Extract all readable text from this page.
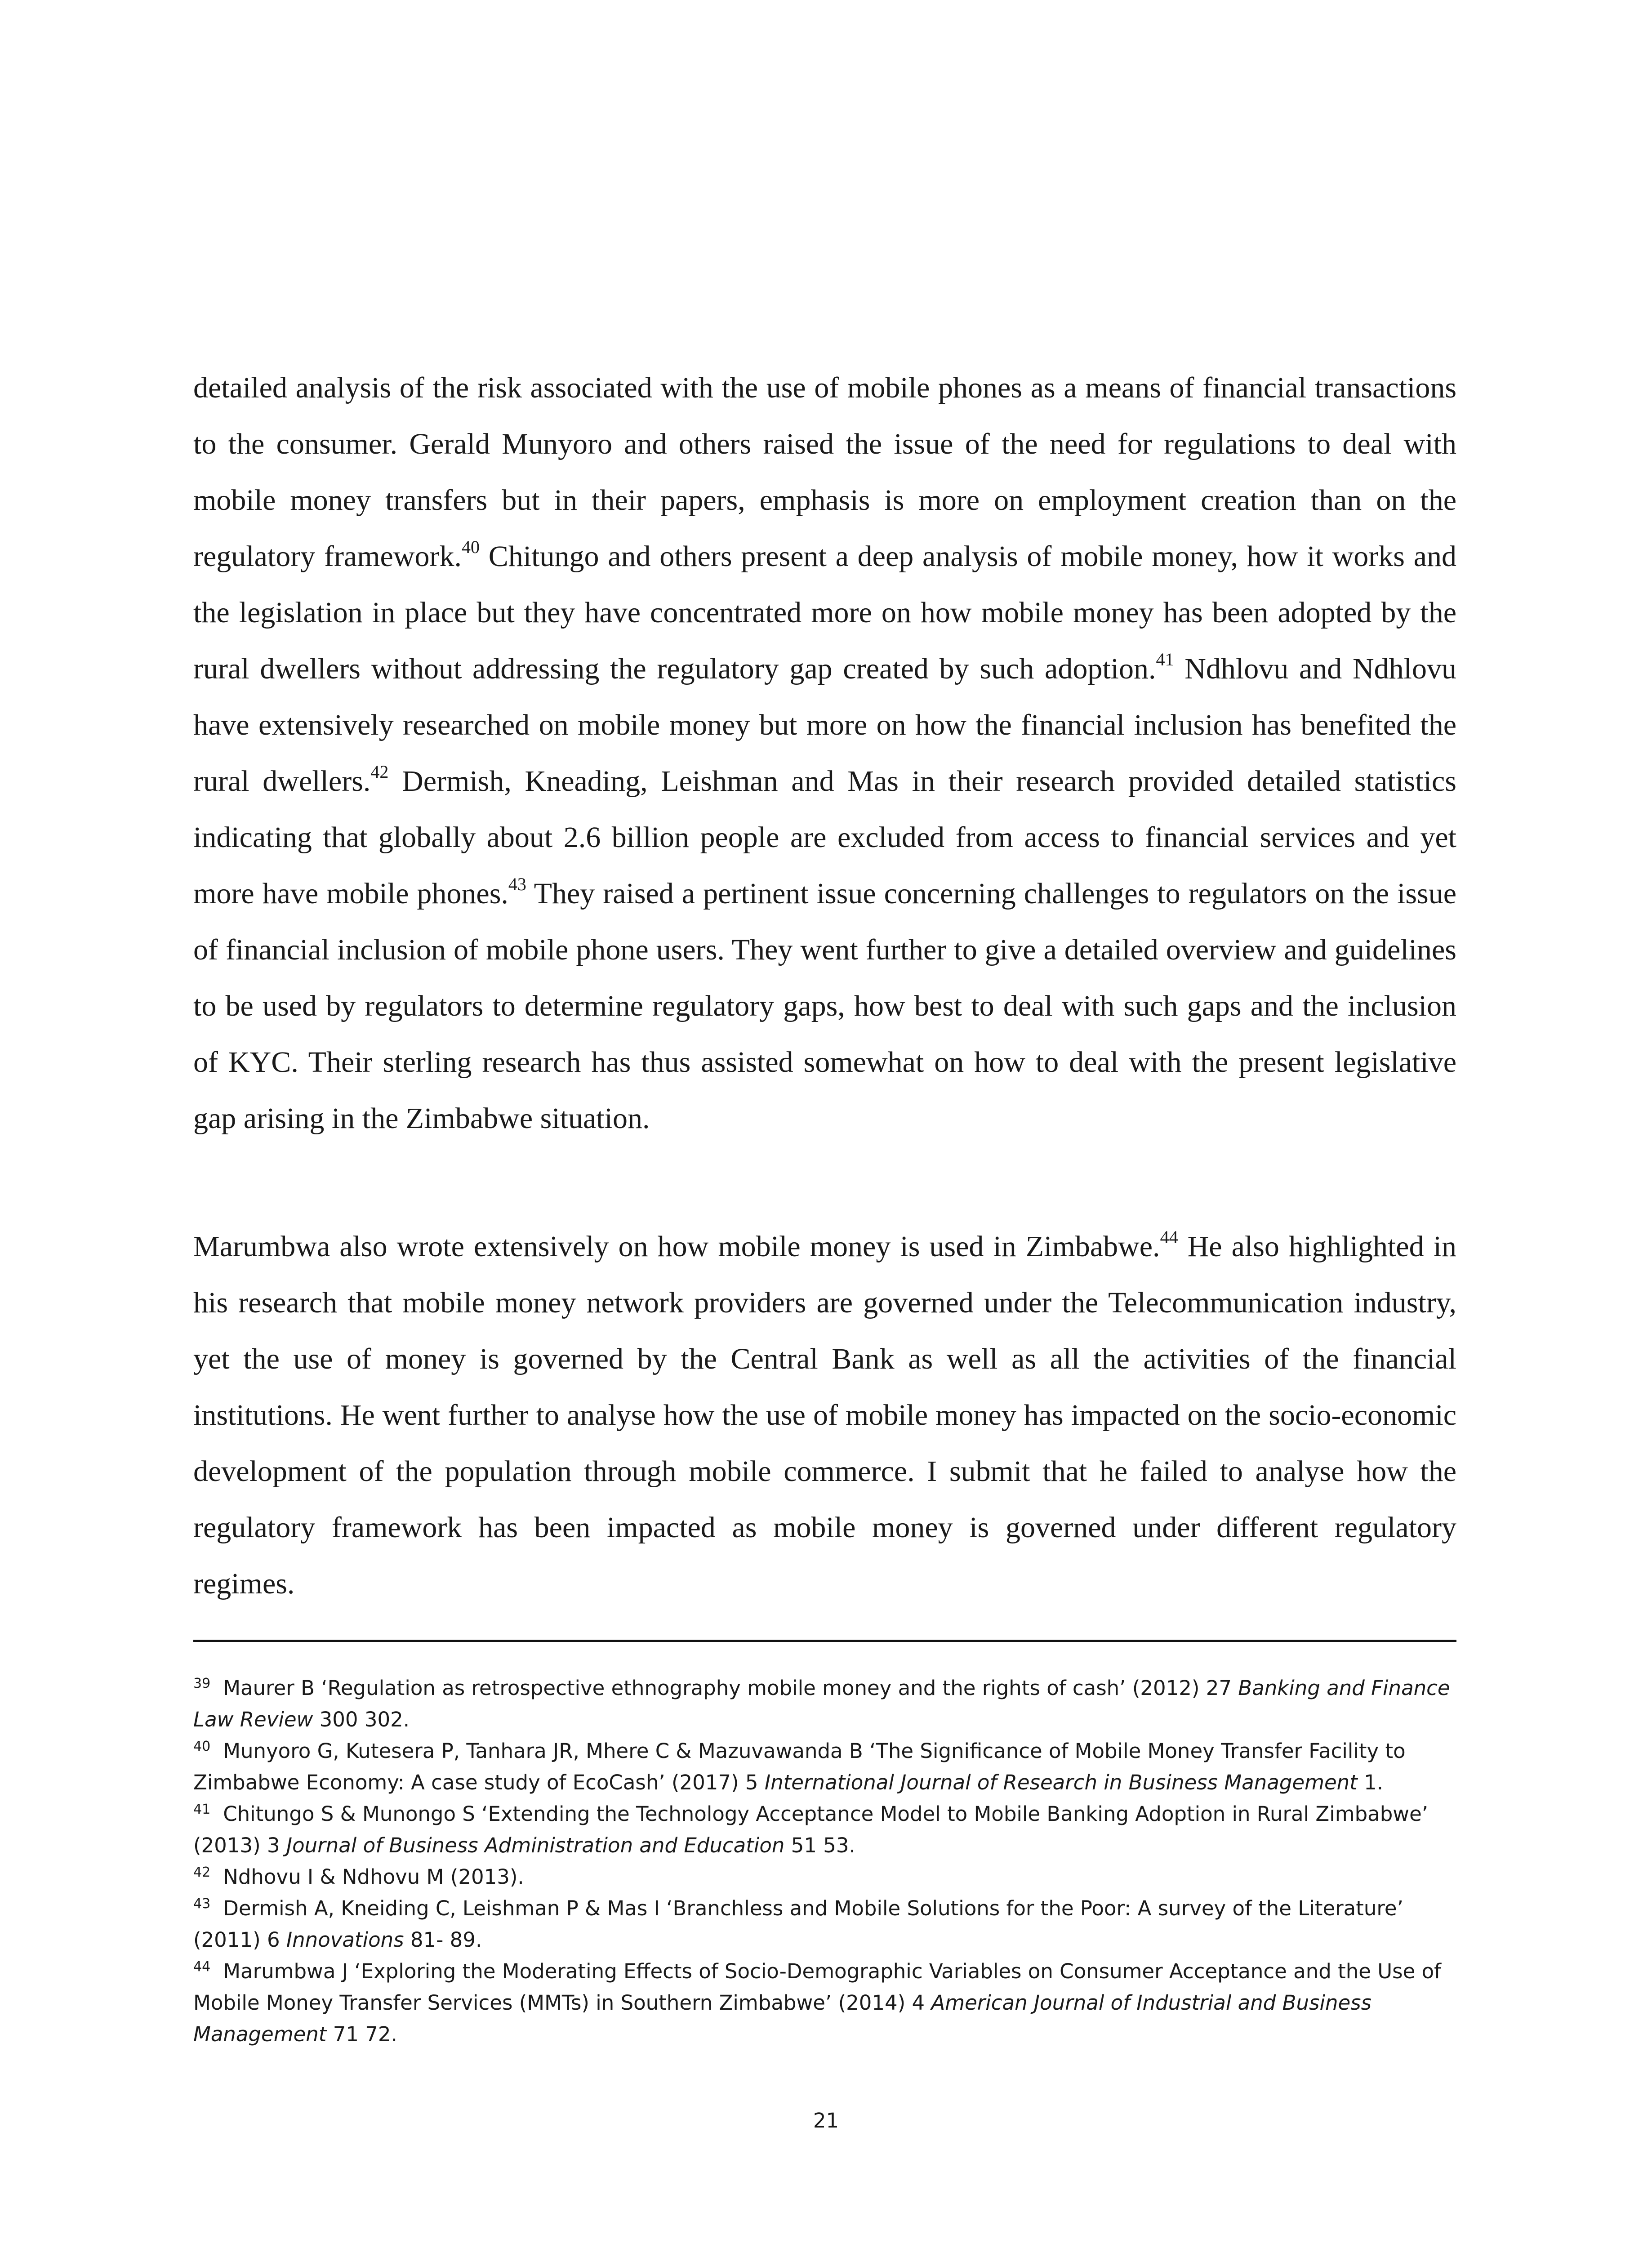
detailed analysis of the risk associated with the use of mobile phones as a means of financial transactions to the consumer. Gerald Munyoro and others raised the issue of the need for regulations to deal with mobile money transfers but in their papers, emphasis is more on employment creation than on the regulatory framework.$^{40}$ Chitungo and others present a deep analysis of mobile money, how it works and the legislation in place but they have concentrated more on how mobile money has been adopted by the rural dwellers without addressing the regulatory gap created by such adoption.$^{41}$ Ndhlovu and Ndhlovu have extensively researched on mobile money but more on how the financial inclusion has benefited the rural dwellers.$^{42}$ Dermish, Kneading, Leishman and Mas in their research provided detailed statistics indicating that globally about 2.6 billion people are excluded from access to financial services and yet more have mobile phones.$^{43}$ They raised a pertinent issue concerning challenges to regulators on the issue of financial inclusion of mobile phone users. They went further to give a detailed overview and guidelines to be used by regulators to determine regulatory gaps, how best to deal with such gaps and the inclusion of KYC. Their sterling research has thus assisted somewhat on how to deal with the present legislative gap arising in the Zimbabwe situation.

Marumbwa also wrote extensively on how mobile money is used in Zimbabwe.$^{44}$ He also highlighted in his research that mobile money network providers are governed under the Telecommunication industry, yet the use of money is governed by the Central Bank as well as all the activities of the financial institutions. He went further to analyse how the use of mobile money has impacted on the socio-economic development of the population through mobile commerce. I submit that he failed to analyse how the regulatory framework has been impacted as mobile money is governed under different regulatory regimes.

$^{39}$ Maurer B ‘Regulation as retrospective ethnography mobile money and the rights of cash’ (2012) 27 Banking and Finance Law Review 300 302.

$^{40}$ Munyoro G, Kutesera P, Tanhara JR, Mhere C & Mazuvawanda B ‘The Significance of Mobile Money Transfer Facility to Zimbabwe Economy: A case study of EcoCash’ (2017) 5 International Journal of Research in Business Management 1.

$^{41}$ Chitungo S & Munongo S ‘Extending the Technology Acceptance Model to Mobile Banking Adoption in Rural Zimbabwe’ (2013) 3 Journal of Business Administration and Education 51 53.

$^{42}$ Ndhovu I & Ndhovu M (2013).

$^{43}$ Dermish A, Kneiding C, Leishman P & Mas I ‘Branchless and Mobile Solutions for the Poor: A survey of the Literature’ (2011) 6 Innovations 81- 89.

$^{44}$ Marumbwa J ‘Exploring the Moderating Effects of Socio-Demographic Variables on Consumer Acceptance and the Use of Mobile Money Transfer Services (MMTs) in Southern Zimbabwe’ (2014) 4 American Journal of Industrial and Business Management 71 72.

21
